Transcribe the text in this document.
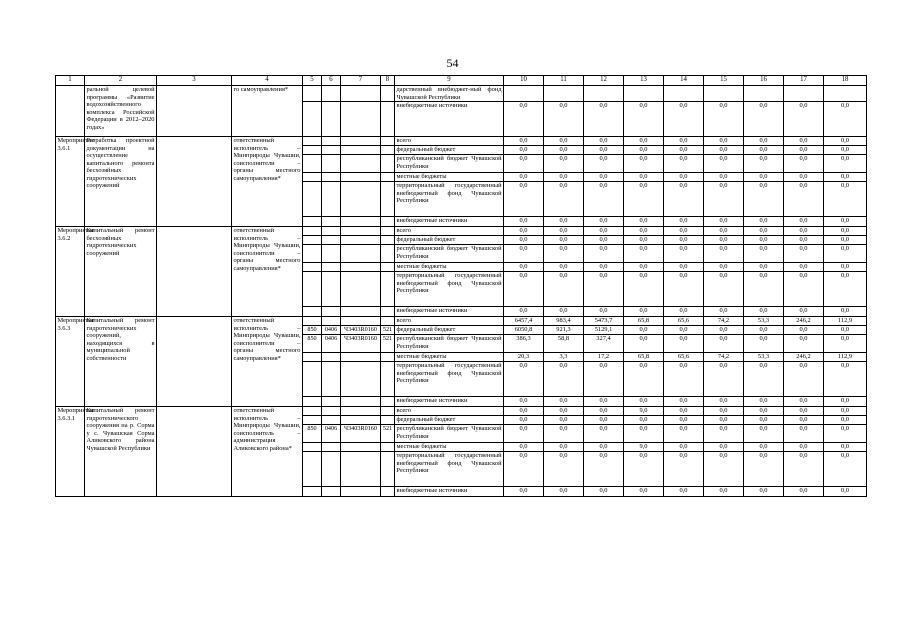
54
1	2	3	4	5	6	7	8	9	10	11	12	13	14	15	16	17	18
	ральной целевой программы «Развитие водохозяйственного комплекса Российской Федерации в 2012–2020 годах»		го самоуправления*					дарственный внебюджет-ный фонд Чувашской Республики									
								внебюджетные источники	0,0	0,0	0,0	0,0	0,0	0,0	0,0	0,0	0,0
Мероприятие 3.6.1	Разработка проектной документации на осуществление капитального ремонта бесхозяйных гидротехнических сооружений		ответственный исполнитель – Минприроды Чувашии, соисполнители – органы местного самоуправления*					всего	0,0	0,0	0,0	0,0	0,0	0,0	0,0	0,0	0,0
								федеральный бюджет	0,0	0,0	0,0	0,0	0,0	0,0	0,0	0,0	0,0
								республиканский бюджет Чувашской Республики	0,0	0,0	0,0	0,0	0,0	0,0	0,0	0,0	0,0
								местные бюджеты	0,0	0,0	0,0	0,0	0,0	0,0	0,0	0,0	0,0
								территориальный государственный внебюджетный фонд Чувашской Республики	0,0	0,0	0,0	0,0	0,0	0,0	0,0	0,0	0,0
								внебюджетные источники	0,0	0,0	0,0	0,0	0,0	0,0	0,0	0,0	0,0
Мероприятие 3.6.2	Капитальный ремонт бесхозяйных гидротехнических сооружений		ответственный исполнитель – Минприроды Чувашии, соисполнители – органы местного самоуправления*					всего	0,0	0,0	0,0	0,0	0,0	0,0	0,0	0,0	0,0
								федеральный бюджет	0,0	0,0	0,0	0,0	0,0	0,0	0,0	0,0	0,0
								республиканский бюджет Чувашской Республики	0,0	0,0	0,0	0,0	0,0	0,0	0,0	0,0	0,0
								местные бюджеты	0,0	0,0	0,0	0,0	0,0	0,0	0,0	0,0	0,0
								территориальный государственный внебюджетный фонд Чувашской Республики	0,0	0,0	0,0	0,0	0,0	0,0	0,0	0,0	0,0
								внебюджетные источники	0,0	0,0	0,0	0,0	0,0	0,0	0,0	0,0	0,0
Мероприятие 3.6.3	Капитальный ремонт гидротехнических сооружений, находящихся в муниципальной собственности		ответственный исполнитель – Минприроды Чувашии, соисполнители – органы местного самоуправления*					всего	6457,4	983,4	5473,7	65,8	65,6	74,2	53,3	246,2	112,9
				850	0406	Ч3403R0160	521	федеральный бюджет	6050,8	921,3	5129,1	0,0	0,0	0,0	0,0	0,0	0,0
				850	0406	Ч3403R0160	521	республиканский бюджет Чувашской Республики	386,3	58,8	327,4	0,0	0,0	0,0	0,0	0,0	0,0
								местные бюджеты	20,3	3,3	17,2	65,8	65,6	74,2	53,3	246,2	112,9
								территориальный государственный внебюджетный фонд Чувашской Республики	0,0	0,0	0,0	0,0	0,0	0,0	0,0	0,0	0,0
								внебюджетные источники	0,0	0,0	0,0	0,0	0,0	0,0	0,0	0,0	0,0
Мероприятие 3.6.3.1	Капитальный ремонт гидротехнического сооружения на р. Сорма у с. Чувашская Сорма Аликовского района Чувашской Республики		ответственный исполнитель – Минприроды Чувашии, соисполнитель – администрация Аликовского района*					всего	0,0	0,0	0,0	9,0	0,0	0,0	0,0	0,0	0,0
								федеральный бюджет	0,0	0,0	0,0	0,0	0,0	0,0	0,0	0,0	0,0
				850	0406	Ч3403R0160	521	республиканский бюджет Чувашской Республики	0,0	0,0	0,0	0,0	0,0	0,0	0,0	0,0	0,0
								местные бюджеты	0,0	0,0	0,0	9,0	0,0	0,0	0,0	0,0	0,0
								территориальный государственный внебюджетный фонд Чувашской Республики	0,0	0,0	0,0	0,0	0,0	0,0	0,0	0,0	0,0
								внебюджетные источники	0,0	0,0	0,0	0,0	0,0	0,0	0,0	0,0	0,0
